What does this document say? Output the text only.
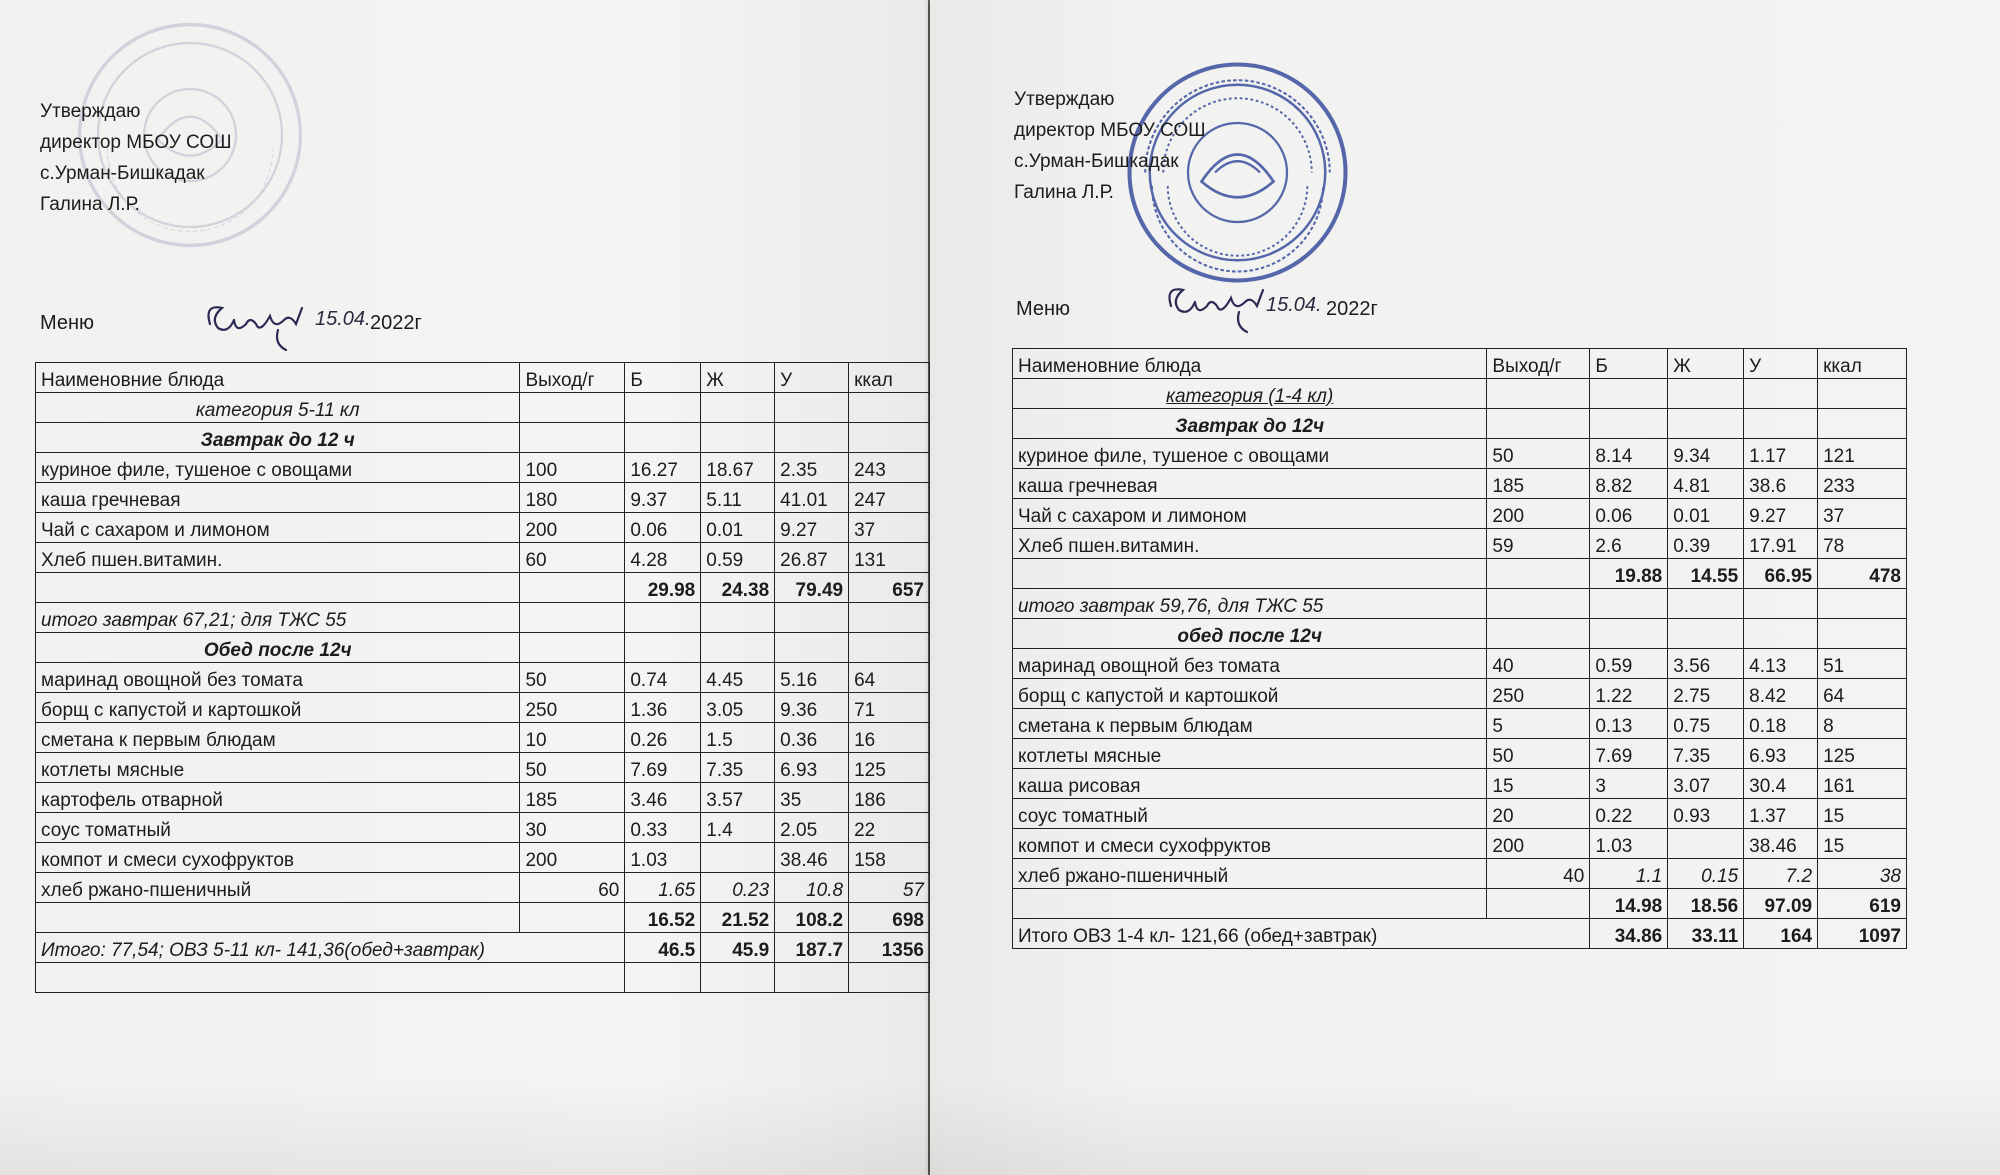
Утверждаю
директор МБОУ СОШ
с.Урман-Бишкадак
Галина Л.Р.
Меню	15.04. 2022г
Наименовние блюда	Выход/г	Б	Ж	У	ккал
категория 5-11 кл					
Завтрак до 12 ч					
куриное филе, тушеное с овощами	100	16.27	18.67	2.35	243
каша гречневая	180	9.37	5.11	41.01	247
Чай с сахаром и лимоном	200	0.06	0.01	9.27	37
Хлеб пшен.витамин.	60	4.28	0.59	26.87	131
		29.98	24.38	79.49	657
итого завтрак 67,21; для ТЖС 55					
Обед после 12ч					
маринад овощной без томата	50	0.74	4.45	5.16	64
борщ с капустой и картошкой	250	1.36	3.05	9.36	71
сметана к первым блюдам	10	0.26	1.5	0.36	16
котлеты мясные	50	7.69	7.35	6.93	125
картофель отварной	185	3.46	3.57	35	186
соус томатный	30	0.33	1.4	2.05	22
компот и смеси сухофруктов	200	1.03		38.46	158
хлеб ржано-пшеничный	60	1.65	0.23	10.8	57
		16.52	21.52	108.2	698
Итого: 77,54; ОВЗ 5-11 кл- 141,36(обед+завтрак)		46.5	45.9	187.7	1356

Утверждаю
директор МБОУ СОШ
с.Урман-Бишкадак
Галина Л.Р.
Меню	15.04. 2022г
Наименовние блюда	Выход/г	Б	Ж	У	ккал
категория (1-4 кл)					
Завтрак до 12ч					
куриное филе, тушеное с овощами	50	8.14	9.34	1.17	121
каша гречневая	185	8.82	4.81	38.6	233
Чай с сахаром и лимоном	200	0.06	0.01	9.27	37
Хлеб пшен.витамин.	59	2.6	0.39	17.91	78
		19.88	14.55	66.95	478
итого завтрак 59,76, для ТЖС 55					
обед после 12ч					
маринад овощной без томата	40	0.59	3.56	4.13	51
борщ с капустой и картошкой	250	1.22	2.75	8.42	64
сметана к первым блюдам	5	0.13	0.75	0.18	8
котлеты мясные	50	7.69	7.35	6.93	125
каша рисовая	15	3	3.07	30.4	161
соус томатный	20	0.22	0.93	1.37	15
компот и смеси сухофруктов	200	1.03		38.46	15
хлеб ржано-пшеничный	40	1.1	0.15	7.2	38
		14.98	18.56	97.09	619
Итого ОВЗ 1-4 кл- 121,66 (обед+завтрак)		34.86	33.11	164	1097
